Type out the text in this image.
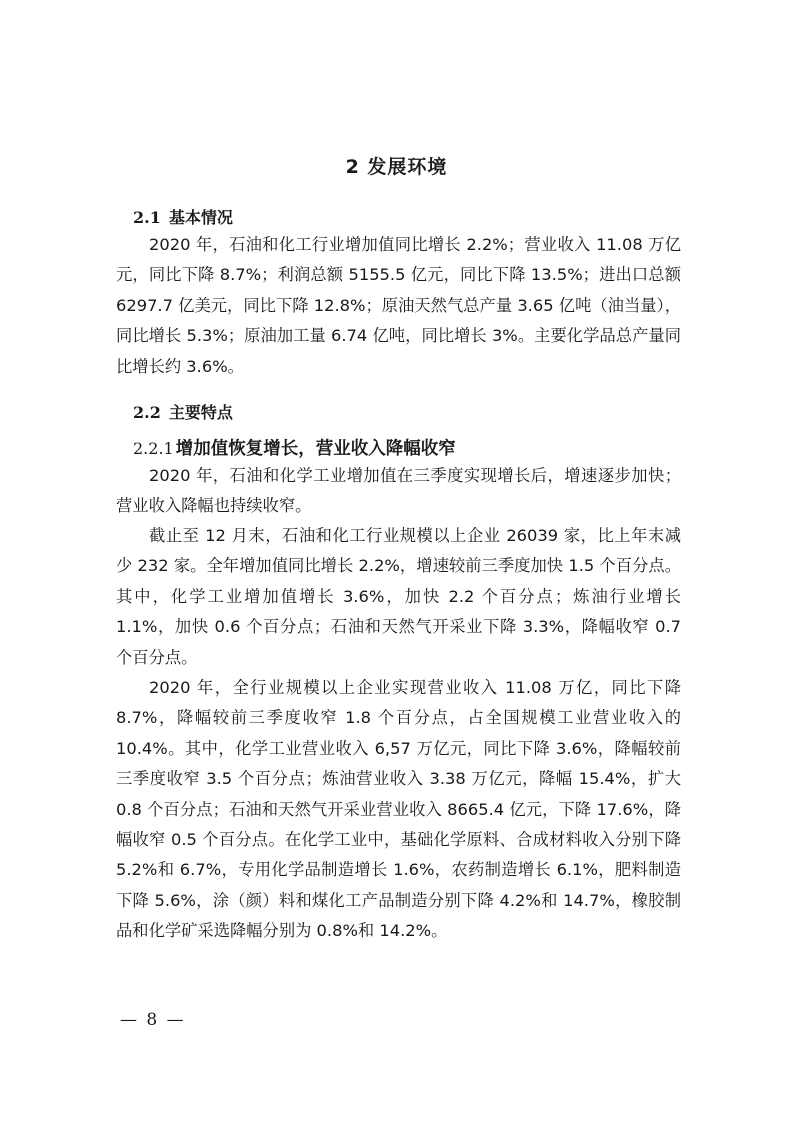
2 发展环境
2.1 基本情况

2020 年，石油和化工行业增加值同比增长 2.2%；营业收入 11.08 万亿元，同比下降 8.7%；利润总额 5155.5 亿元，同比下降 13.5%；进出口总额 6297.7 亿美元，同比下降 12.8%；原油天然气总产量 3.65 亿吨（油当量），同比增长 5.3%；原油加工量 6.74 亿吨，同比增长 3%。主要化学品总产量同比增长约 3.6%。

2.2 主要特点
2.2.1 增加值恢复增长，营业收入降幅收窄

2020 年，石油和化学工业增加值在三季度实现增长后，增速逐步加快；营业收入降幅也持续收窄。

截止至 12 月末，石油和化工行业规模以上企业 26039 家，比上年末减少 232 家。全年增加值同比增长 2.2%，增速较前三季度加快 1.5 个百分点。其中，化学工业增加值增长 3.6%，加快 2.2 个百分点；炼油行业增长 1.1%，加快 0.6 个百分点；石油和天然气开采业下降 3.3%，降幅收窄 0.7 个百分点。

2020 年，全行业规模以上企业实现营业收入 11.08 万亿，同比下降 8.7%，降幅较前三季度收窄 1.8 个百分点，占全国规模工业营业收入的 10.4%。其中，化学工业营业收入 6,57 万亿元，同比下降 3.6%，降幅较前三季度收窄 3.5 个百分点；炼油营业收入 3.38 万亿元，降幅 15.4%，扩大 0.8 个百分点；石油和天然气开采业营业收入 8665.4 亿元，下降 17.6%，降幅收窄 0.5 个百分点。在化学工业中，基础化学原料、合成材料收入分别下降 5.2%和 6.7%，专用化学品制造增长 1.6%，农药制造增长 6.1%，肥料制造下降 5.6%，涂（颜）料和煤化工产品制造分别下降 4.2%和 14.7%，橡胶制品和化学矿采选降幅分别为 0.8%和 14.2%。

— 8 —
